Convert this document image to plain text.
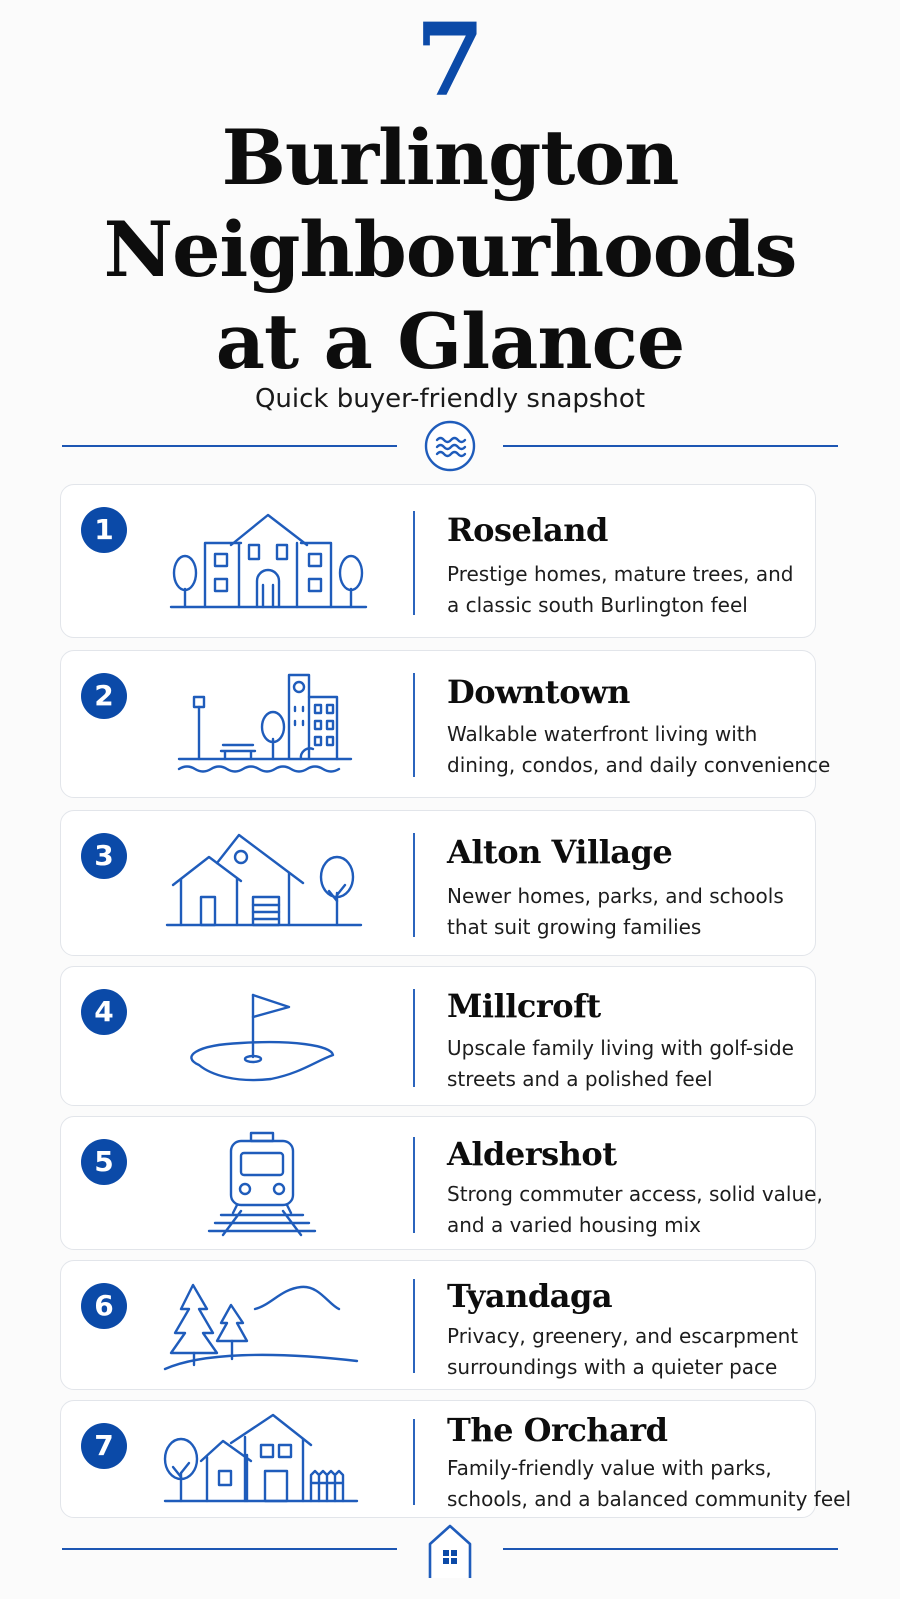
7
Burlington
Neighbourhoods
at a Glance
Quick buyer-friendly snapshot
1	Roseland
Prestige homes, mature trees, and
a classic south Burlington feel
2	Downtown
Walkable waterfront living with
dining, condos, and daily convenience
3	Alton Village
Newer homes, parks, and schools
that suit growing families
4	Millcroft
Upscale family living with golf-side
streets and a polished feel
5	Aldershot
Strong commuter access, solid value,
and a varied housing mix
6	Tyandaga
Privacy, greenery, and escarpment
surroundings with a quieter pace
7	The Orchard
Family-friendly value with parks,
schools, and a balanced community feel
